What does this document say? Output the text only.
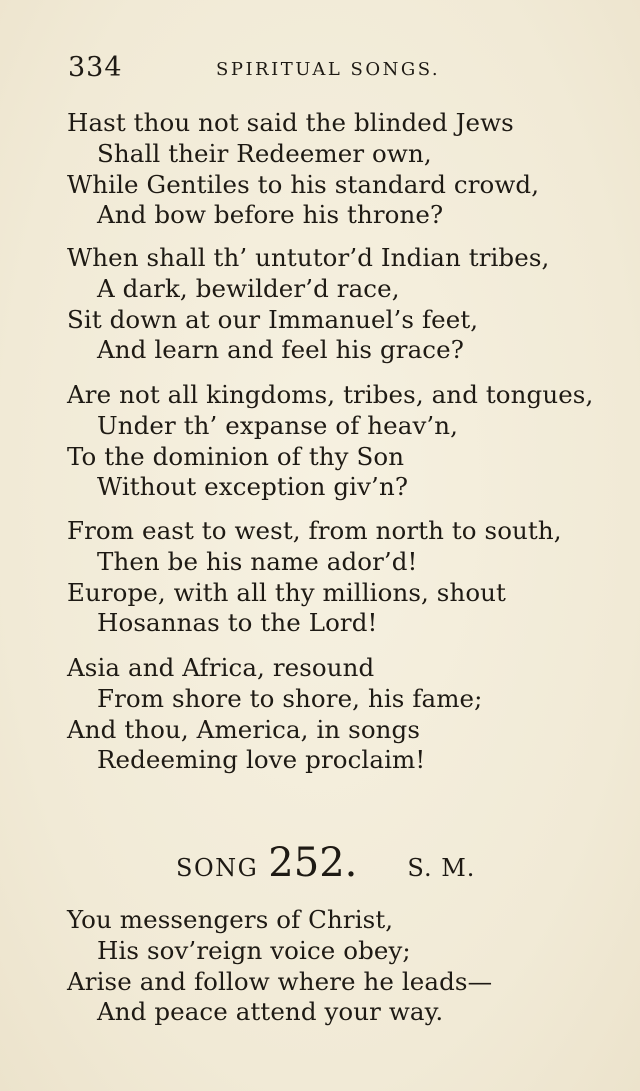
334	SPIRITUAL SONGS.
Hast thou not said the blinded Jews
Shall their Redeemer own,
While Gentiles to his standard crowd,
And bow before his throne?
When shall th’ untutor’d Indian tribes,
A dark, bewilder’d race,
Sit down at our Immanuel’s feet,
And learn and feel his grace?
Are not all kingdoms, tribes, and tongues,
Under th’ expanse of heav’n,
To the dominion of thy Son
Without exception giv’n?
From east to west, from north to south,
Then be his name ador’d!
Europe, with all thy millions, shout
Hosannas to the Lord!
Asia and Africa, resound
From shore to shore, his fame;
And thou, America, in songs
Redeeming love proclaim!
SONG 252. S. M.
You messengers of Christ,
His sov’reign voice obey;
Arise and follow where he leads—
And peace attend your way.
